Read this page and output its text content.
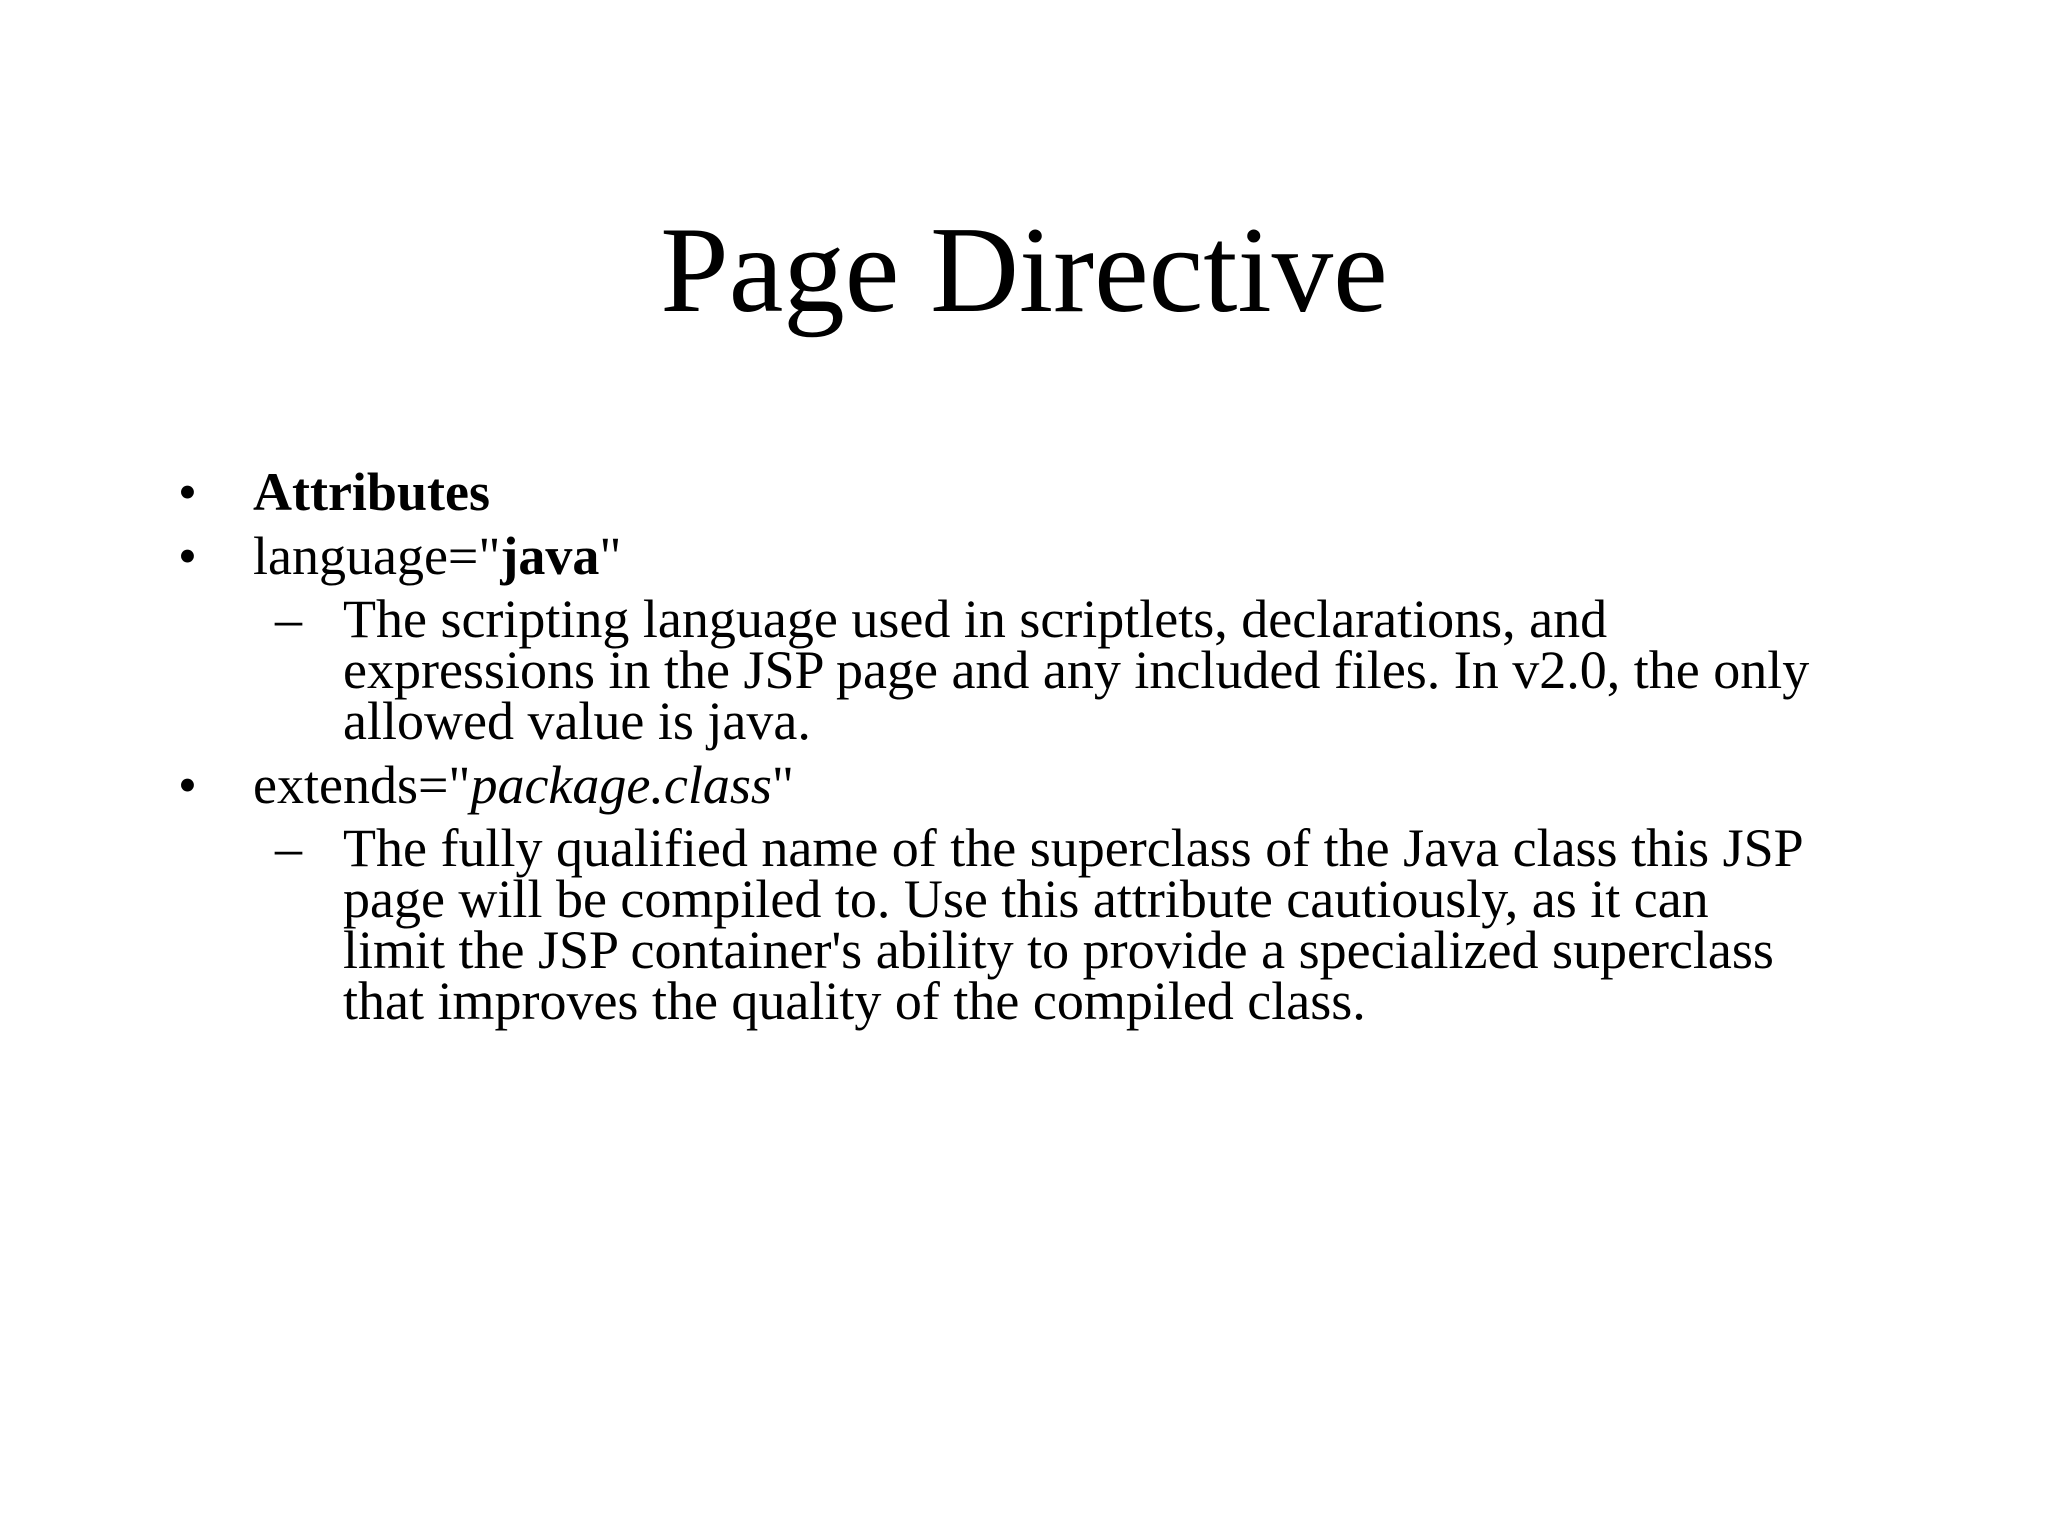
Page Directive
• Attributes
• language="java"
– The scripting language used in scriptlets, declarations, and expressions in the JSP page and any included files. In v2.0, the only allowed value is java.
• extends="package.class"
– The fully qualified name of the superclass of the Java class this JSP page will be compiled to. Use this attribute cautiously, as it can limit the JSP container's ability to provide a specialized superclass that improves the quality of the compiled class.
